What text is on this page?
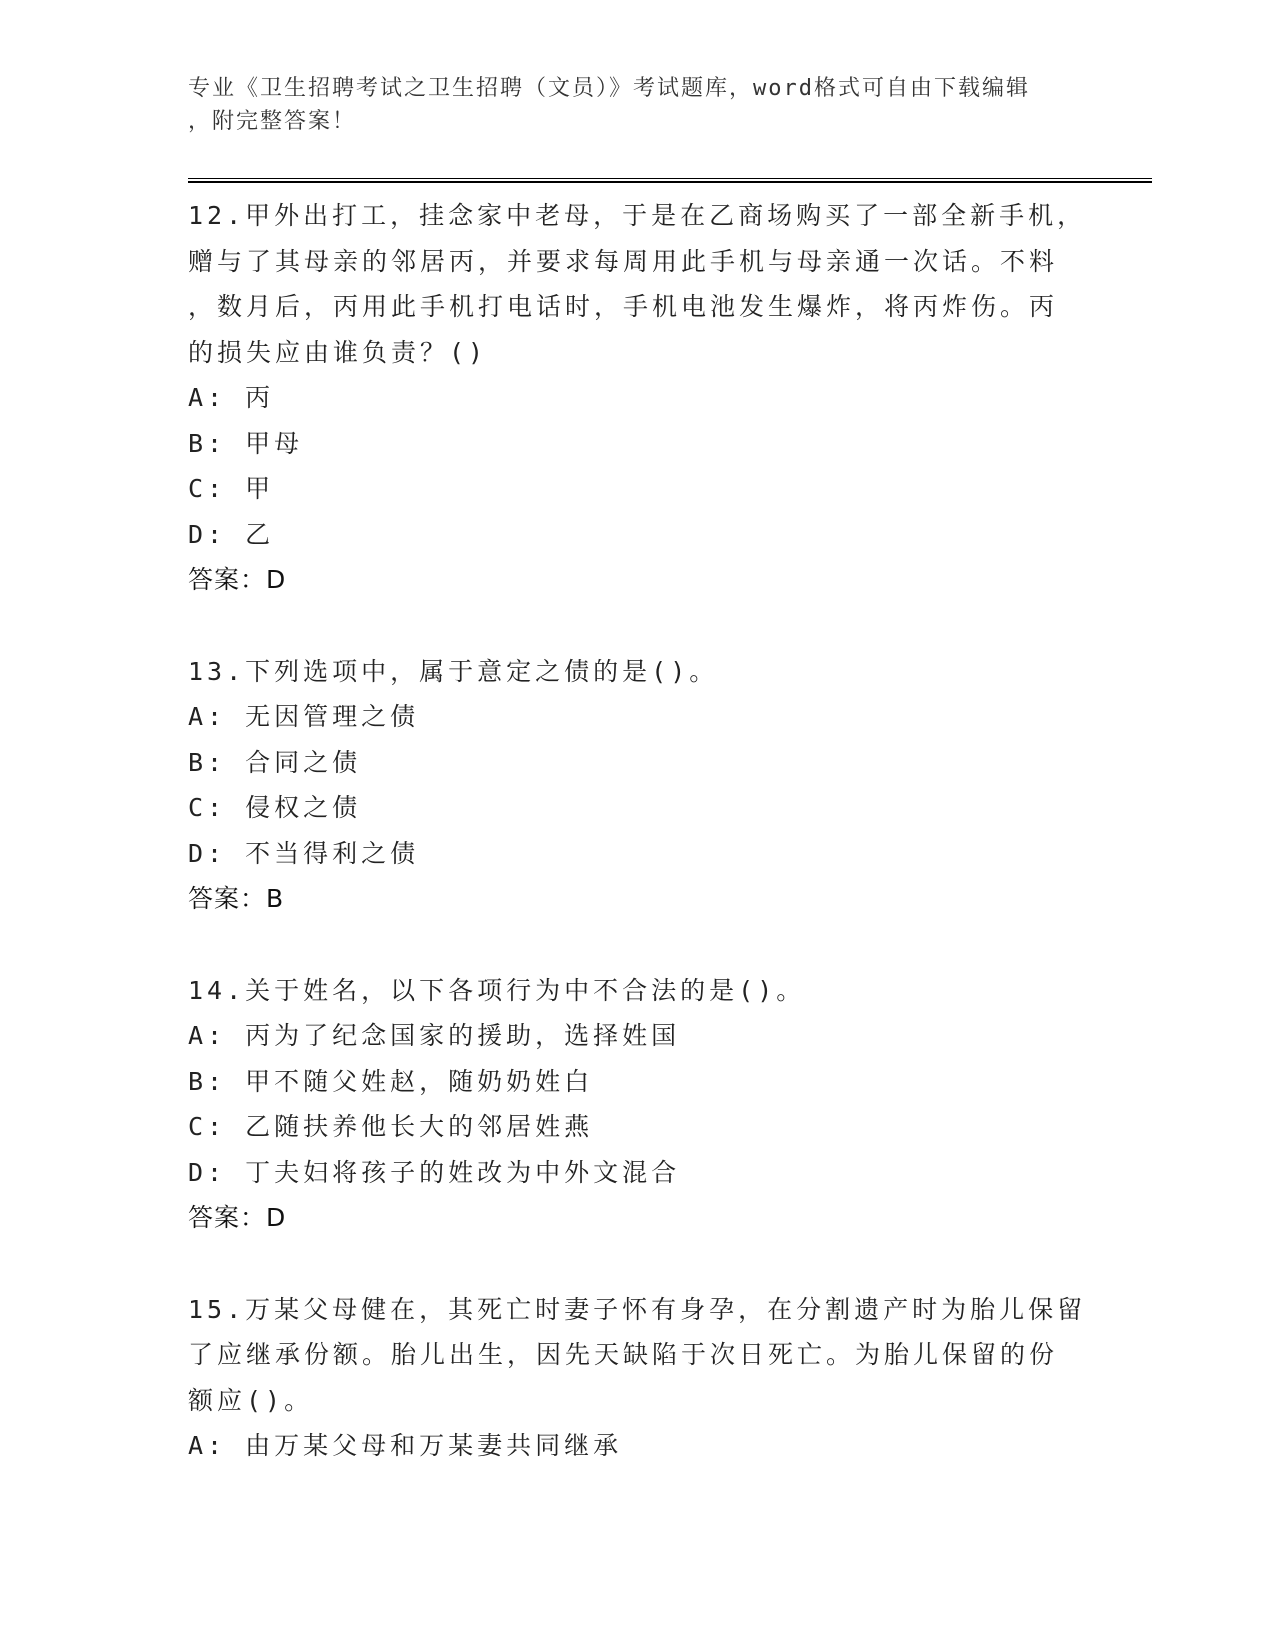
专业《卫生招聘考试之卫生招聘（文员）》考试题库，word格式可自由下载编辑
，附完整答案！
12.甲外出打工，挂念家中老母，于是在乙商场购买了一部全新手机，
赠与了其母亲的邻居丙，并要求每周用此手机与母亲通一次话。不料
，数月后，丙用此手机打电话时，手机电池发生爆炸，将丙炸伤。丙
的损失应由谁负责？()
A: 丙
B: 甲母
C: 甲
D: 乙
答案：D
13.下列选项中，属于意定之债的是()。
A: 无因管理之债
B: 合同之债
C: 侵权之债
D: 不当得利之债
答案：B
14.关于姓名，以下各项行为中不合法的是()。
A: 丙为了纪念国家的援助，选择姓国
B: 甲不随父姓赵，随奶奶姓白
C: 乙随扶养他长大的邻居姓燕
D: 丁夫妇将孩子的姓改为中外文混合
答案：D
15.万某父母健在，其死亡时妻子怀有身孕，在分割遗产时为胎儿保留
了应继承份额。胎儿出生，因先天缺陷于次日死亡。为胎儿保留的份
额应()。
A: 由万某父母和万某妻共同继承
